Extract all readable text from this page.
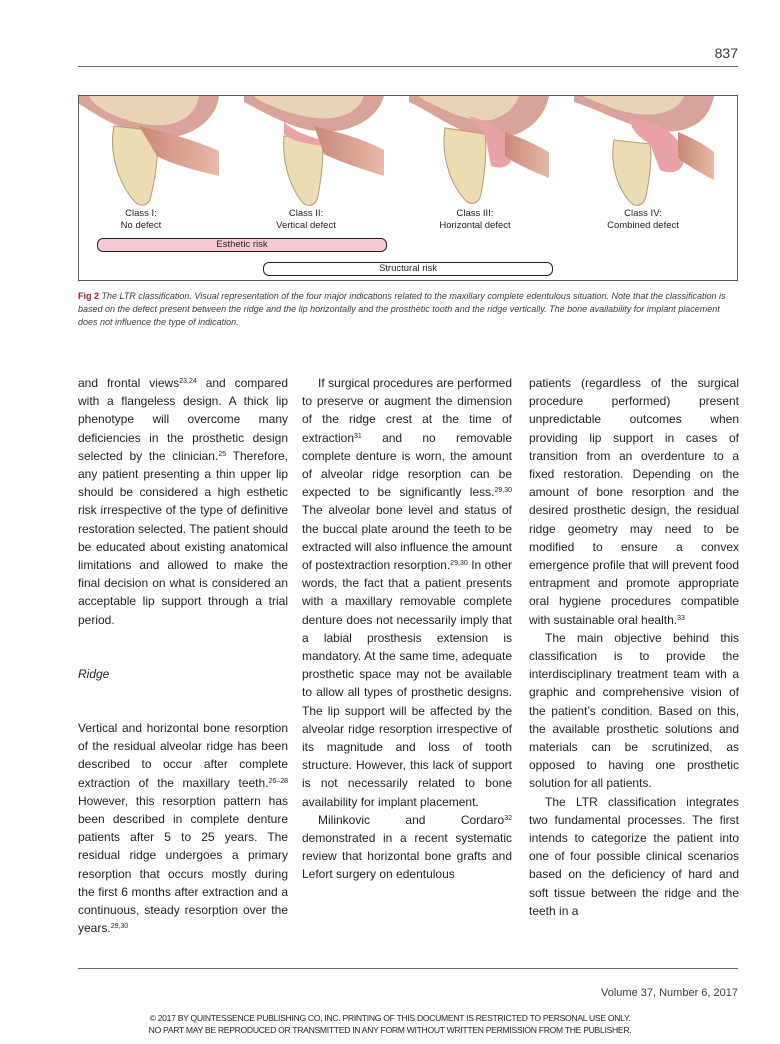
837
Class I:
No defect
Class II:
Vertical defect
Class III:
Horizontal defect
Class IV:
Combined defect
Esthetic risk
Structural risk
Fig 2 The LTR classification. Visual representation of the four major indications related to the maxillary complete edentulous situation. Note that the classification is based on the defect present between the ridge and the lip horizontally and the prosthetic tooth and the ridge vertically. The bone availability for implant placement does not influence the type of indication.

and frontal views$^{23,24}$ and compared with a flangeless design. A thick lip phenotype will overcome many deficiencies in the prosthetic design selected by the clinician.$^{25}$ Therefore, any patient presenting a thin upper lip should be considered a high esthetic risk irrespective of the type of definitive restoration selected. The patient should be educated about existing anatomical limitations and allowed to make the final decision on what is considered an acceptable lip support through a trial period.

Ridge

Vertical and horizontal bone resorption of the residual alveolar ridge has been described to occur after complete extraction of the maxillary teeth.$^{26-28}$ However, this resorption pattern has been described in complete denture patients after 5 to 25 years. The residual ridge undergoes a primary resorption that occurs mostly during the first 6 months after extraction and a continuous, steady resorption over the years.$^{29,30}$

If surgical procedures are performed to preserve or augment the dimension of the ridge crest at the time of extraction$^{31}$ and no removable complete denture is worn, the amount of alveolar ridge resorption can be expected to be significantly less.$^{29,30}$ The alveolar bone level and status of the buccal plate around the teeth to be extracted will also influence the amount of postextraction resorption.$^{29,30}$ In other words, the fact that a patient presents with a maxillary removable complete denture does not necessarily imply that a labial prosthesis extension is mandatory. At the same time, adequate prosthetic space may not be available to allow all types of prosthetic designs. The lip support will be affected by the alveolar ridge resorption irrespective of its magnitude and loss of tooth structure. However, this lack of support is not necessarily related to bone availability for implant placement.

Milinkovic and Cordaro$^{32}$ demonstrated in a recent systematic review that horizontal bone grafts and Lefort surgery on edentulous

patients (regardless of the surgical procedure performed) present unpredictable outcomes when providing lip support in cases of transition from an overdenture to a fixed restoration. Depending on the amount of bone resorption and the desired prosthetic design, the residual ridge geometry may need to be modified to ensure a convex emergence profile that will prevent food entrapment and promote appropriate oral hygiene procedures compatible with sustainable oral health.$^{33}$

The main objective behind this classification is to provide the interdisciplinary treatment team with a graphic and comprehensive vision of the patient’s condition. Based on this, the available prosthetic solutions and materials can be scrutinized, as opposed to having one prosthetic solution for all patients.

The LTR classification integrates two fundamental processes. The first intends to categorize the patient into one of four possible clinical scenarios based on the deficiency of hard and soft tissue between the ridge and the teeth in a

Volume 37, Number 6, 2017
© 2017 BY QUINTESSENCE PUBLISHING CO, INC. PRINTING OF THIS DOCUMENT IS RESTRICTED TO PERSONAL USE ONLY.
NO PART MAY BE REPRODUCED OR TRANSMITTED IN ANY FORM WITHOUT WRITTEN PERMISSION FROM THE PUBLISHER.
